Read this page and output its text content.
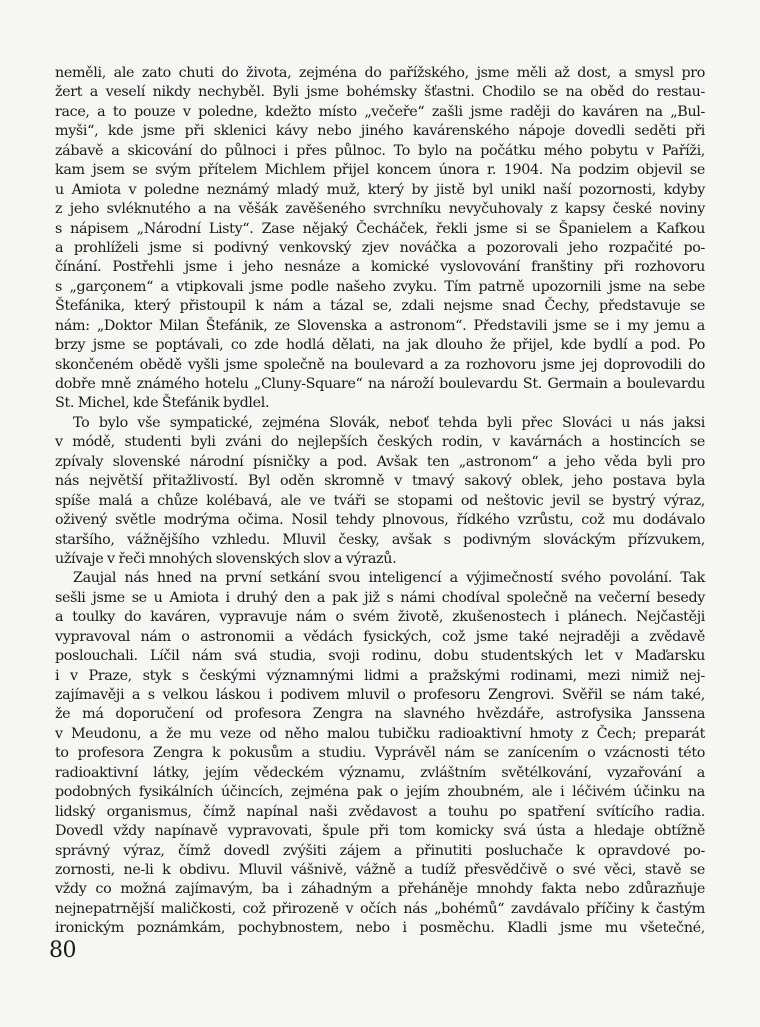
neměli, ale zato chuti do života, zejména do pařížského, jsme měli až dost, a smysl pro
žert a veselí nikdy nechyběl. Byli jsme bohémsky šťastni. Chodilo se na oběd do restau-
race, a to pouze v poledne, kdežto místo „večeře“ zašli jsme raději do kaváren na „Bul-
myši“, kde jsme při sklenici kávy nebo jiného kavárenského nápoje dovedli seděti při
zábavě a skicování do půlnoci i přes půlnoc. To bylo na počátku mého pobytu v Paříži,
kam jsem se svým přítelem Michlem přijel koncem února r. 1904. Na podzim objevil se
u Amiota v poledne neznámý mladý muž, který by jistě byl unikl naší pozornosti, kdyby
z jeho svléknutého a na věšák zavěšeného svrchníku nevyčuhovaly z kapsy české noviny
s nápisem „Národní Listy“. Zase nějaký Čecháček, řekli jsme si se Španielem a Kafkou
a prohlíželi jsme si podivný venkovský zjev nováčka a pozorovali jeho rozpačité po-
čínání. Postřehli jsme i jeho nesnáze a komické vyslovování franštiny při rozhovoru
s „garçonem“ a vtipkovali jsme podle našeho zvyku. Tím patrně upozornili jsme na sebe
Štefánika, který přistoupil k nám a tázal se, zdali nejsme snad Čechy, představuje se
nám: „Doktor Milan Štefánik, ze Slovenska a astronom“. Představili jsme se i my jemu a
brzy jsme se poptávali, co zde hodlá dělati, na jak dlouho že přijel, kde bydlí a pod. Po
skončeném obědě vyšli jsme společně na boulevard a za rozhovoru jsme jej doprovodili do
dobře mně známého hotelu „Cluny-Square“ na nároží boulevardu St. Germain a boulevardu
St. Michel, kde Štefánik bydlel.
To bylo vše sympatické, zejména Slovák, neboť tehda byli přec Slováci u nás jaksi
v módě, studenti byli zváni do nejlepších českých rodin, v kavárnách a hostincích se
zpívaly slovenské národní písničky a pod. Avšak ten „astronom“ a jeho věda byli pro
nás největší přitažlivostí. Byl oděn skromně v tmavý sakový oblek, jeho postava byla
spíše malá a chůze kolébavá, ale ve tváři se stopami od neštovic jevil se bystrý výraz,
oživený světle modrýma očima. Nosil tehdy plnovous, řídkého vzrůstu, což mu dodávalo
staršího, vážnějšího vzhledu. Mluvil česky, avšak s podivným slováckým přízvukem,
užívaje v řeči mnohých slovenských slov a výrazů.
Zaujal nás hned na první setkání svou inteligencí a výjimečností svého povolání. Tak
sešli jsme se u Amiota i druhý den a pak již s námi chodíval společně na večerní besedy
a toulky do kaváren, vypravuje nám o svém životě, zkušenostech i plánech. Nejčastěji
vypravoval nám o astronomii a vědách fysických, což jsme také nejraději a zvědavě
poslouchali. Líčil nám svá studia, svoji rodinu, dobu studentských let v Maďarsku
i v Praze, styk s českými významnými lidmi a pražskými rodinami, mezi nimiž nej-
zajímavěji a s velkou láskou i podivem mluvil o profesoru Zengrovi. Svěřil se nám také,
že má doporučení od profesora Zengra na slavného hvězdáře, astrofysika Janssena
v Meudonu, a že mu veze od něho malou tubičku radioaktivní hmoty z Čech; preparát
to profesora Zengra k pokusům a studiu. Vyprávěl nám se zanícením o vzácnosti této
radioaktivní látky, jejím vědeckém významu, zvláštním světélkování, vyzařování a
podobných fysikálních účincích, zejména pak o jejím zhoubném, ale i léčivém účinku na
lidský organismus, čímž napínal naši zvědavost a touhu po spatření svítícího radia.
Dovedl vždy napínavě vypravovati, špule při tom komicky svá ústa a hledaje obtížně
správný výraz, čímž dovedl zvýšiti zájem a přinutiti posluchače k opravdové po-
zornosti, ne-li k obdivu. Mluvil vášnivě, vážně a tudíž přesvědčivě o své věci, stavě se
vždy co možná zajímavým, ba i záhadným a přeháněje mnohdy fakta nebo zdůrazňuje
nejnepatrnější maličkosti, což přirozeně v očích nás „bohémů“ zavdávalo příčiny k častým
ironickým poznámkám, pochybnostem, nebo i posměchu. Kladli jsme mu všetečné,
80
